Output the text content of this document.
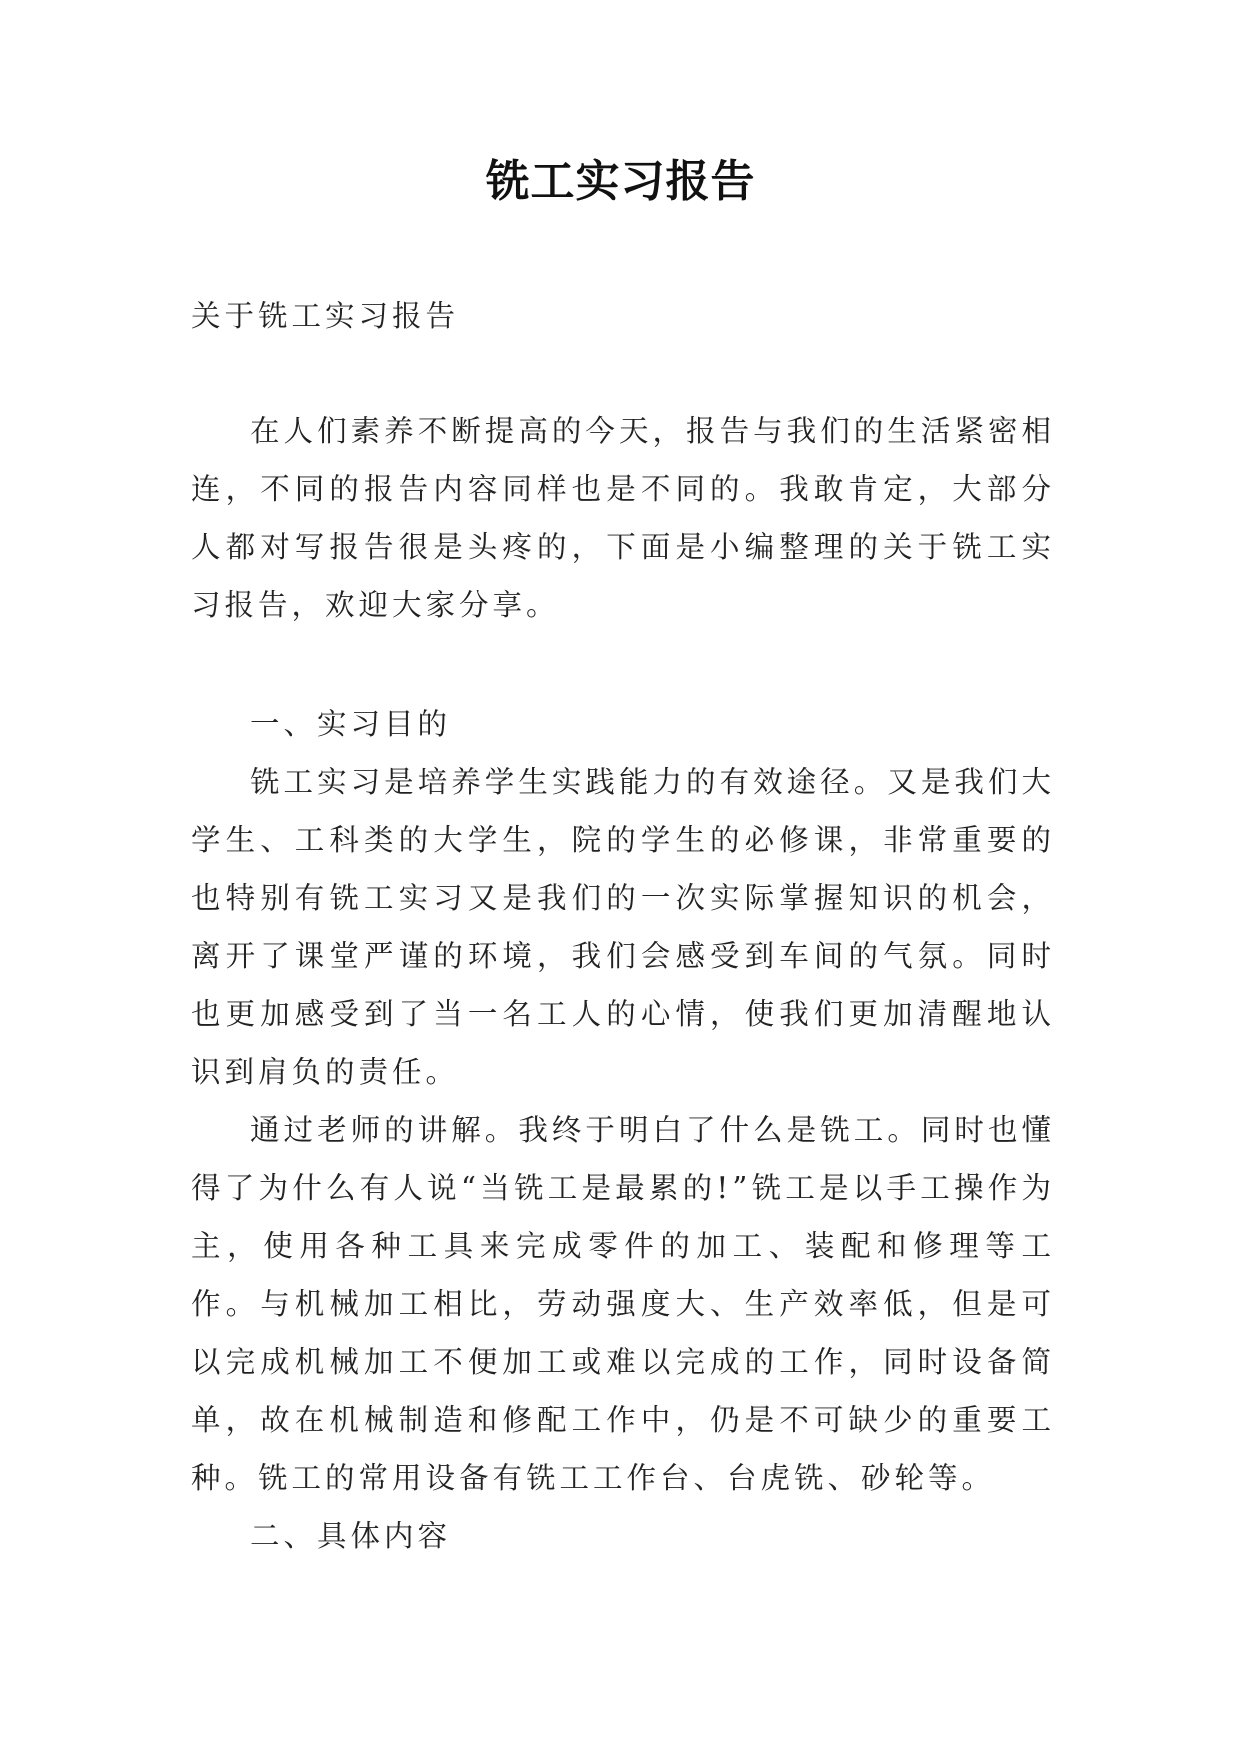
铣工实习报告

关于铣工实习报告

在人们素养不断提高的今天，报告与我们的生活紧密相连，不同的报告内容同样也是不同的。我敢肯定，大部分人都对写报告很是头疼的，下面是小编整理的关于铣工实习报告，欢迎大家分享。

一、实习目的

铣工实习是培养学生实践能力的有效途径。又是我们大学生、工科类的大学生，院的学生的必修课，非常重要的也特别有铣工实习又是我们的一次实际掌握知识的机会，离开了课堂严谨的环境，我们会感受到车间的气氛。同时也更加感受到了当一名工人的心情，使我们更加清醒地认识到肩负的责任。

通过老师的讲解。我终于明白了什么是铣工。同时也懂得了为什么有人说“当铣工是最累的!”铣工是以手工操作为主，使用各种工具来完成零件的加工、装配和修理等工作。与机械加工相比，劳动强度大、生产效率低，但是可以完成机械加工不便加工或难以完成的工作，同时设备简单，故在机械制造和修配工作中，仍是不可缺少的重要工种。铣工的常用设备有铣工工作台、台虎铣、砂轮等。

二、具体内容
